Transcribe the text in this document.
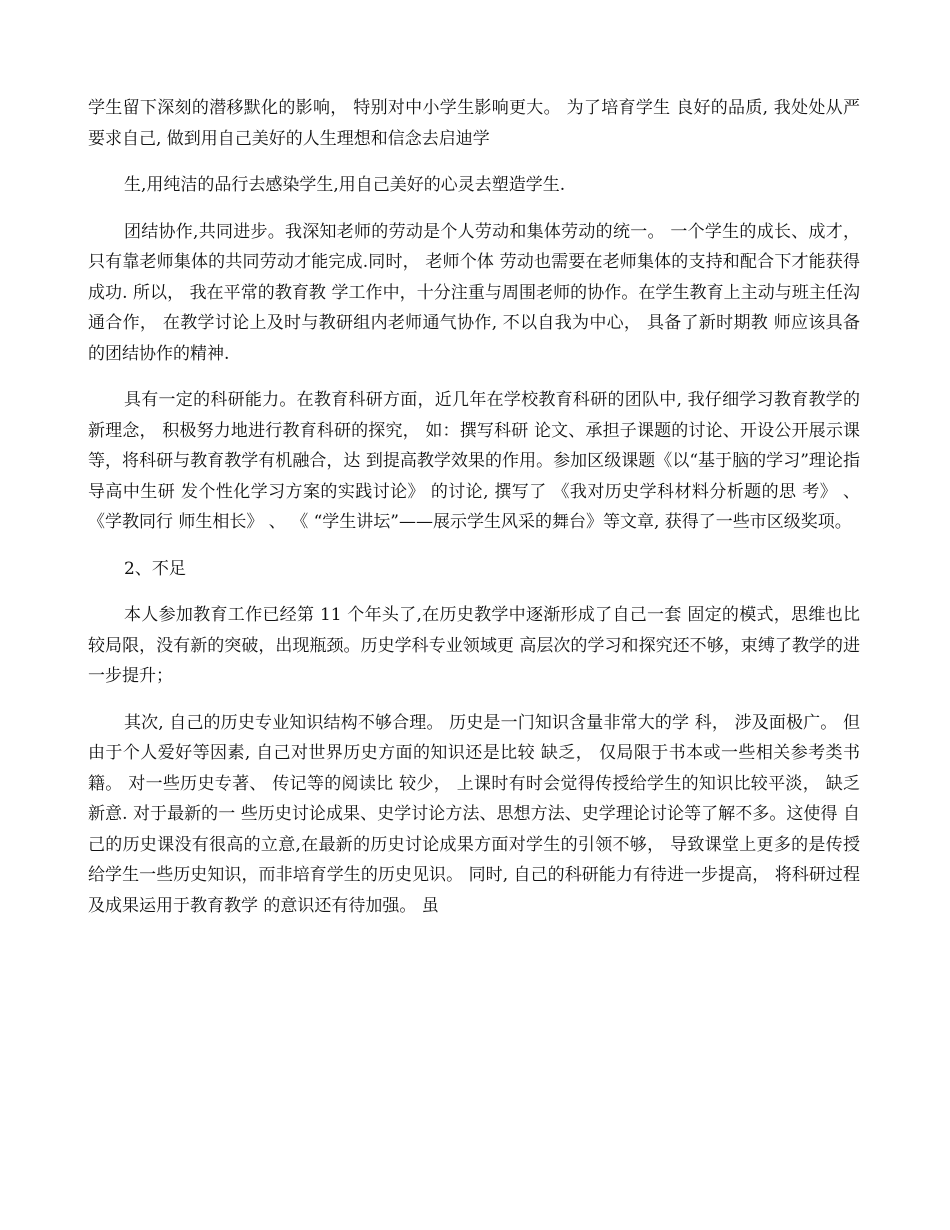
学生留下深刻的潜移默化的影响， 特别对中小学生影响更大。 为了培育学生 良好的品质, 我处处从严要求自己, 做到用自己美好的人生理想和信念去启迪学

生,用纯洁的品行去感染学生,用自己美好的心灵去塑造学生.

团结协作,共同进步。我深知老师的劳动是个人劳动和集体劳动的统一。 一个学生的成长、成才，只有靠老师集体的共同劳动才能完成.同时， 老师个体 劳动也需要在老师集体的支持和配合下才能获得成功. 所以， 我在平常的教育教 学工作中，十分注重与周围老师的协作。在学生教育上主动与班主任沟通合作， 在教学讨论上及时与教研组内老师通气协作, 不以自我为中心， 具备了新时期教 师应该具备的团结协作的精神.

具有一定的科研能力。在教育科研方面，近几年在学校教育科研的团队中, 我仔细学习教育教学的新理念， 积极努力地进行教育科研的探究， 如：撰写科研 论文、承担子课题的讨论、开设公开展示课等，将科研与教育教学有机融合，达 到提高教学效果的作用。参加区级课题《以“基于脑的学习”理论指导高中生研 发个性化学习方案的实践讨论》 的讨论, 撰写了 《我对历史学科材料分析题的思 考》 、 《学教同行 师生相长》 、 《 “学生讲坛”——展示学生风采的舞台》等文章, 获得了一些市区级奖项。

2、不足

本人参加教育工作已经第 11 个年头了,在历史教学中逐渐形成了自己一套 固定的模式，思维也比较局限，没有新的突破，出现瓶颈。历史学科专业领域更 高层次的学习和探究还不够，束缚了教学的进一步提升；

其次, 自己的历史专业知识结构不够合理。 历史是一门知识含量非常大的学 科， 涉及面极广。 但由于个人爱好等因素, 自己对世界历史方面的知识还是比较 缺乏， 仅局限于书本或一些相关参考类书籍。 对一些历史专著、 传记等的阅读比 较少， 上课时有时会觉得传授给学生的知识比较平淡， 缺乏新意. 对于最新的一 些历史讨论成果、史学讨论方法、思想方法、史学理论讨论等了解不多。这使得 自己的历史课没有很高的立意,在最新的历史讨论成果方面对学生的引领不够， 导致课堂上更多的是传授给学生一些历史知识，而非培育学生的历史见识。 同时, 自己的科研能力有待进一步提高， 将科研过程及成果运用于教育教学 的意识还有待加强。 虽
